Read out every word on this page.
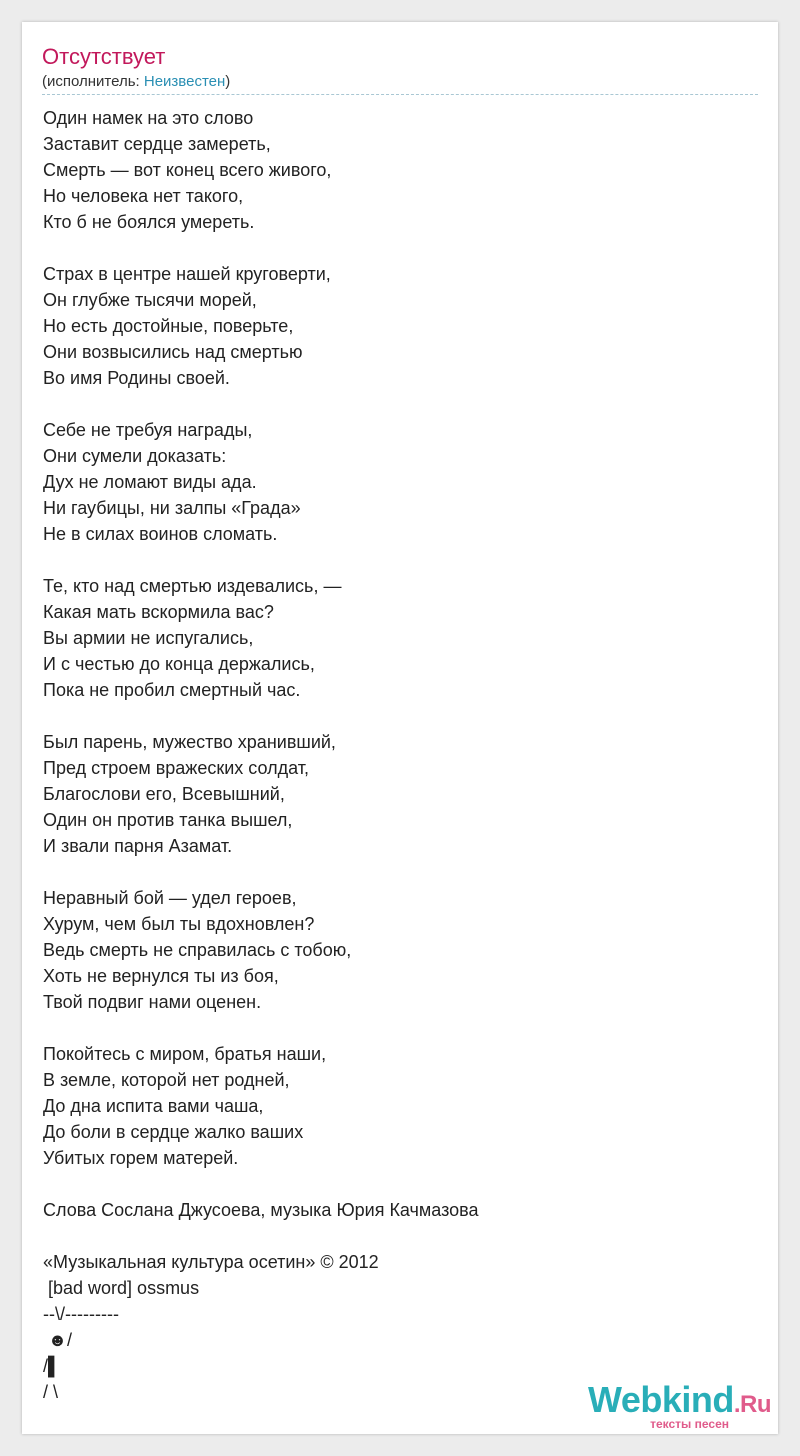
Отсутствует
(исполнитель: Неизвестен)
Один намек на это слово
Заставит сердце замереть,
Смерть — вот конец всего живого,
Но человека нет такого,
Кто б не боялся умереть.
Страх в центре нашей круговерти,
Он глубже тысячи морей,
Но есть достойные, поверьте,
Они возвысились над смертью
Во имя Родины своей.
Себе не требуя награды,
Они сумели доказать:
Дух не ломают виды ада.
Ни гаубицы, ни залпы «Града»
Не в силах воинов сломать.
Те, кто над смертью издевались, —
Какая мать вскормила вас?
Вы армии не испугались,
И с честью до конца держались,
Пока не пробил смертный час.
Был парень, мужество хранивший,
Пред строем вражеских солдат,
Благослови его, Всевышний,
Один он против танка вышел,
И звали парня Азамат.
Неравный бой — удел героев,
Хурум, чем был ты вдохновлен?
Ведь смерть не справилась с тобою,
Хоть не вернулся ты из боя,
Твой подвиг нами оценен.
Покойтесь с миром, братья наши,
В земле, которой нет родней,
До дна испита вами чаша,
До боли в сердце жалко ваших
Убитых горем матерей.
Слова Сослана Джусоева, музыка Юрия Качмазова
«Музыкальная культура осетин» © 2012
[bad word] ossmus
--\/---------
☻/
/▌
/ \	Webkind.Ru
тексты песен
